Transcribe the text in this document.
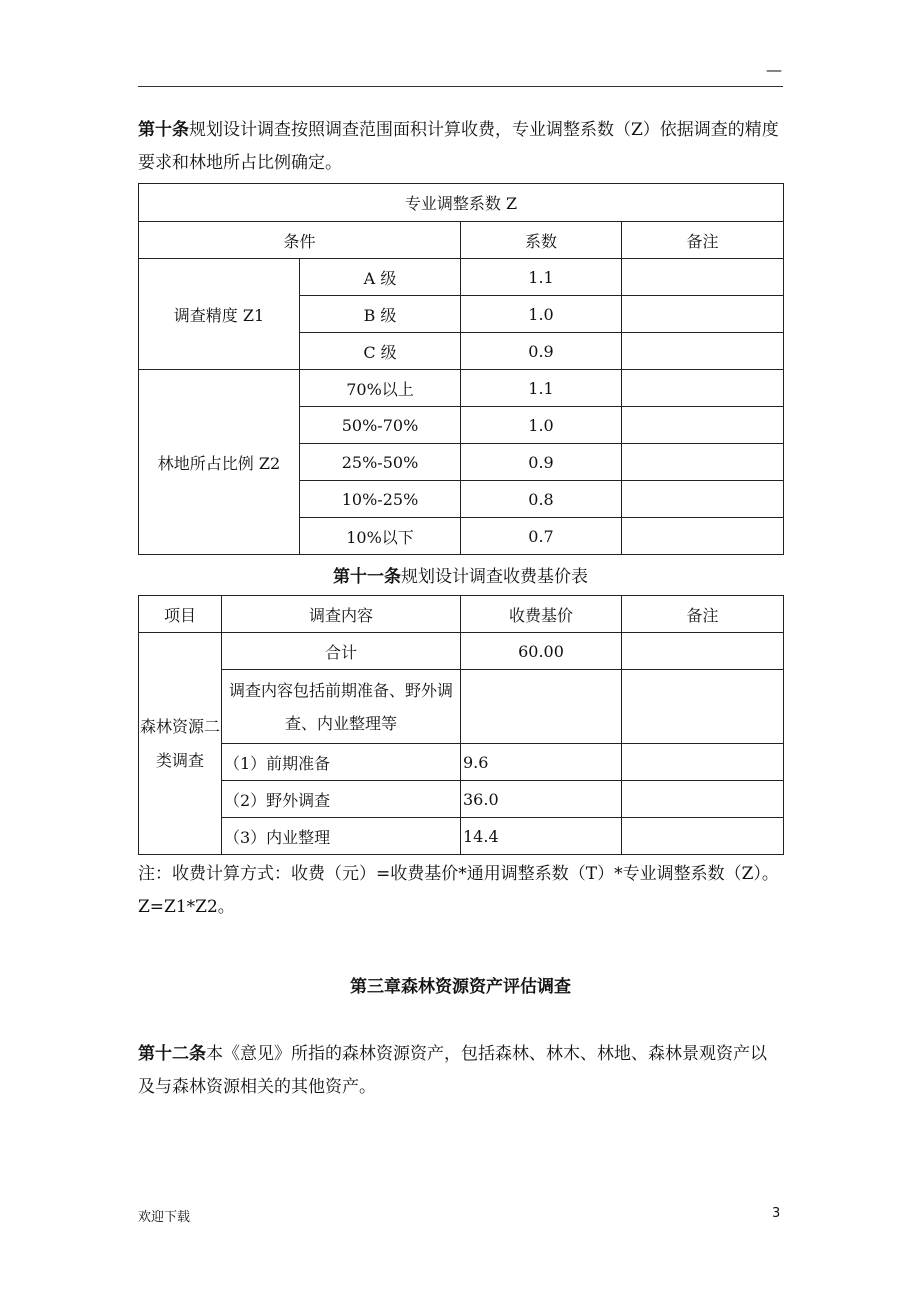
—
第十条规划设计调查按照调查范围面积计算收费，专业调整系数（Z）依据调查的精度要求和林地所占比例确定。
专业调整系数 Z			
条件		系数	备注
调查精度 Z1	A 级	1.1	
	B 级	1.0	
	C 级	0.9	
林地所占比例 Z2	70%以上	1.1	
	50%-70%	1.0	
	25%-50%	0.9	
	10%-25%	0.8	
	10%以下	0.7	
第十一条规划设计调查收费基价表
项目	调查内容	收费基价	备注
森林资源二类调查	合计	60.00	
	调查内容包括前期准备、野外调查、内业整理等		
	（1）前期准备	9.6	
	（2）野外调查	36.0	
	（3）内业整理	14.4	
注：收费计算方式：收费（元）=收费基价*通用调整系数（T）*专业调整系数（Z）。Z=Z1*Z2。
第三章森林资源资产评估调查
第十二条本《意见》所指的森林资源资产，包括森林、林木、林地、森林景观资产以及与森林资源相关的其他资产。
欢迎下载	3
